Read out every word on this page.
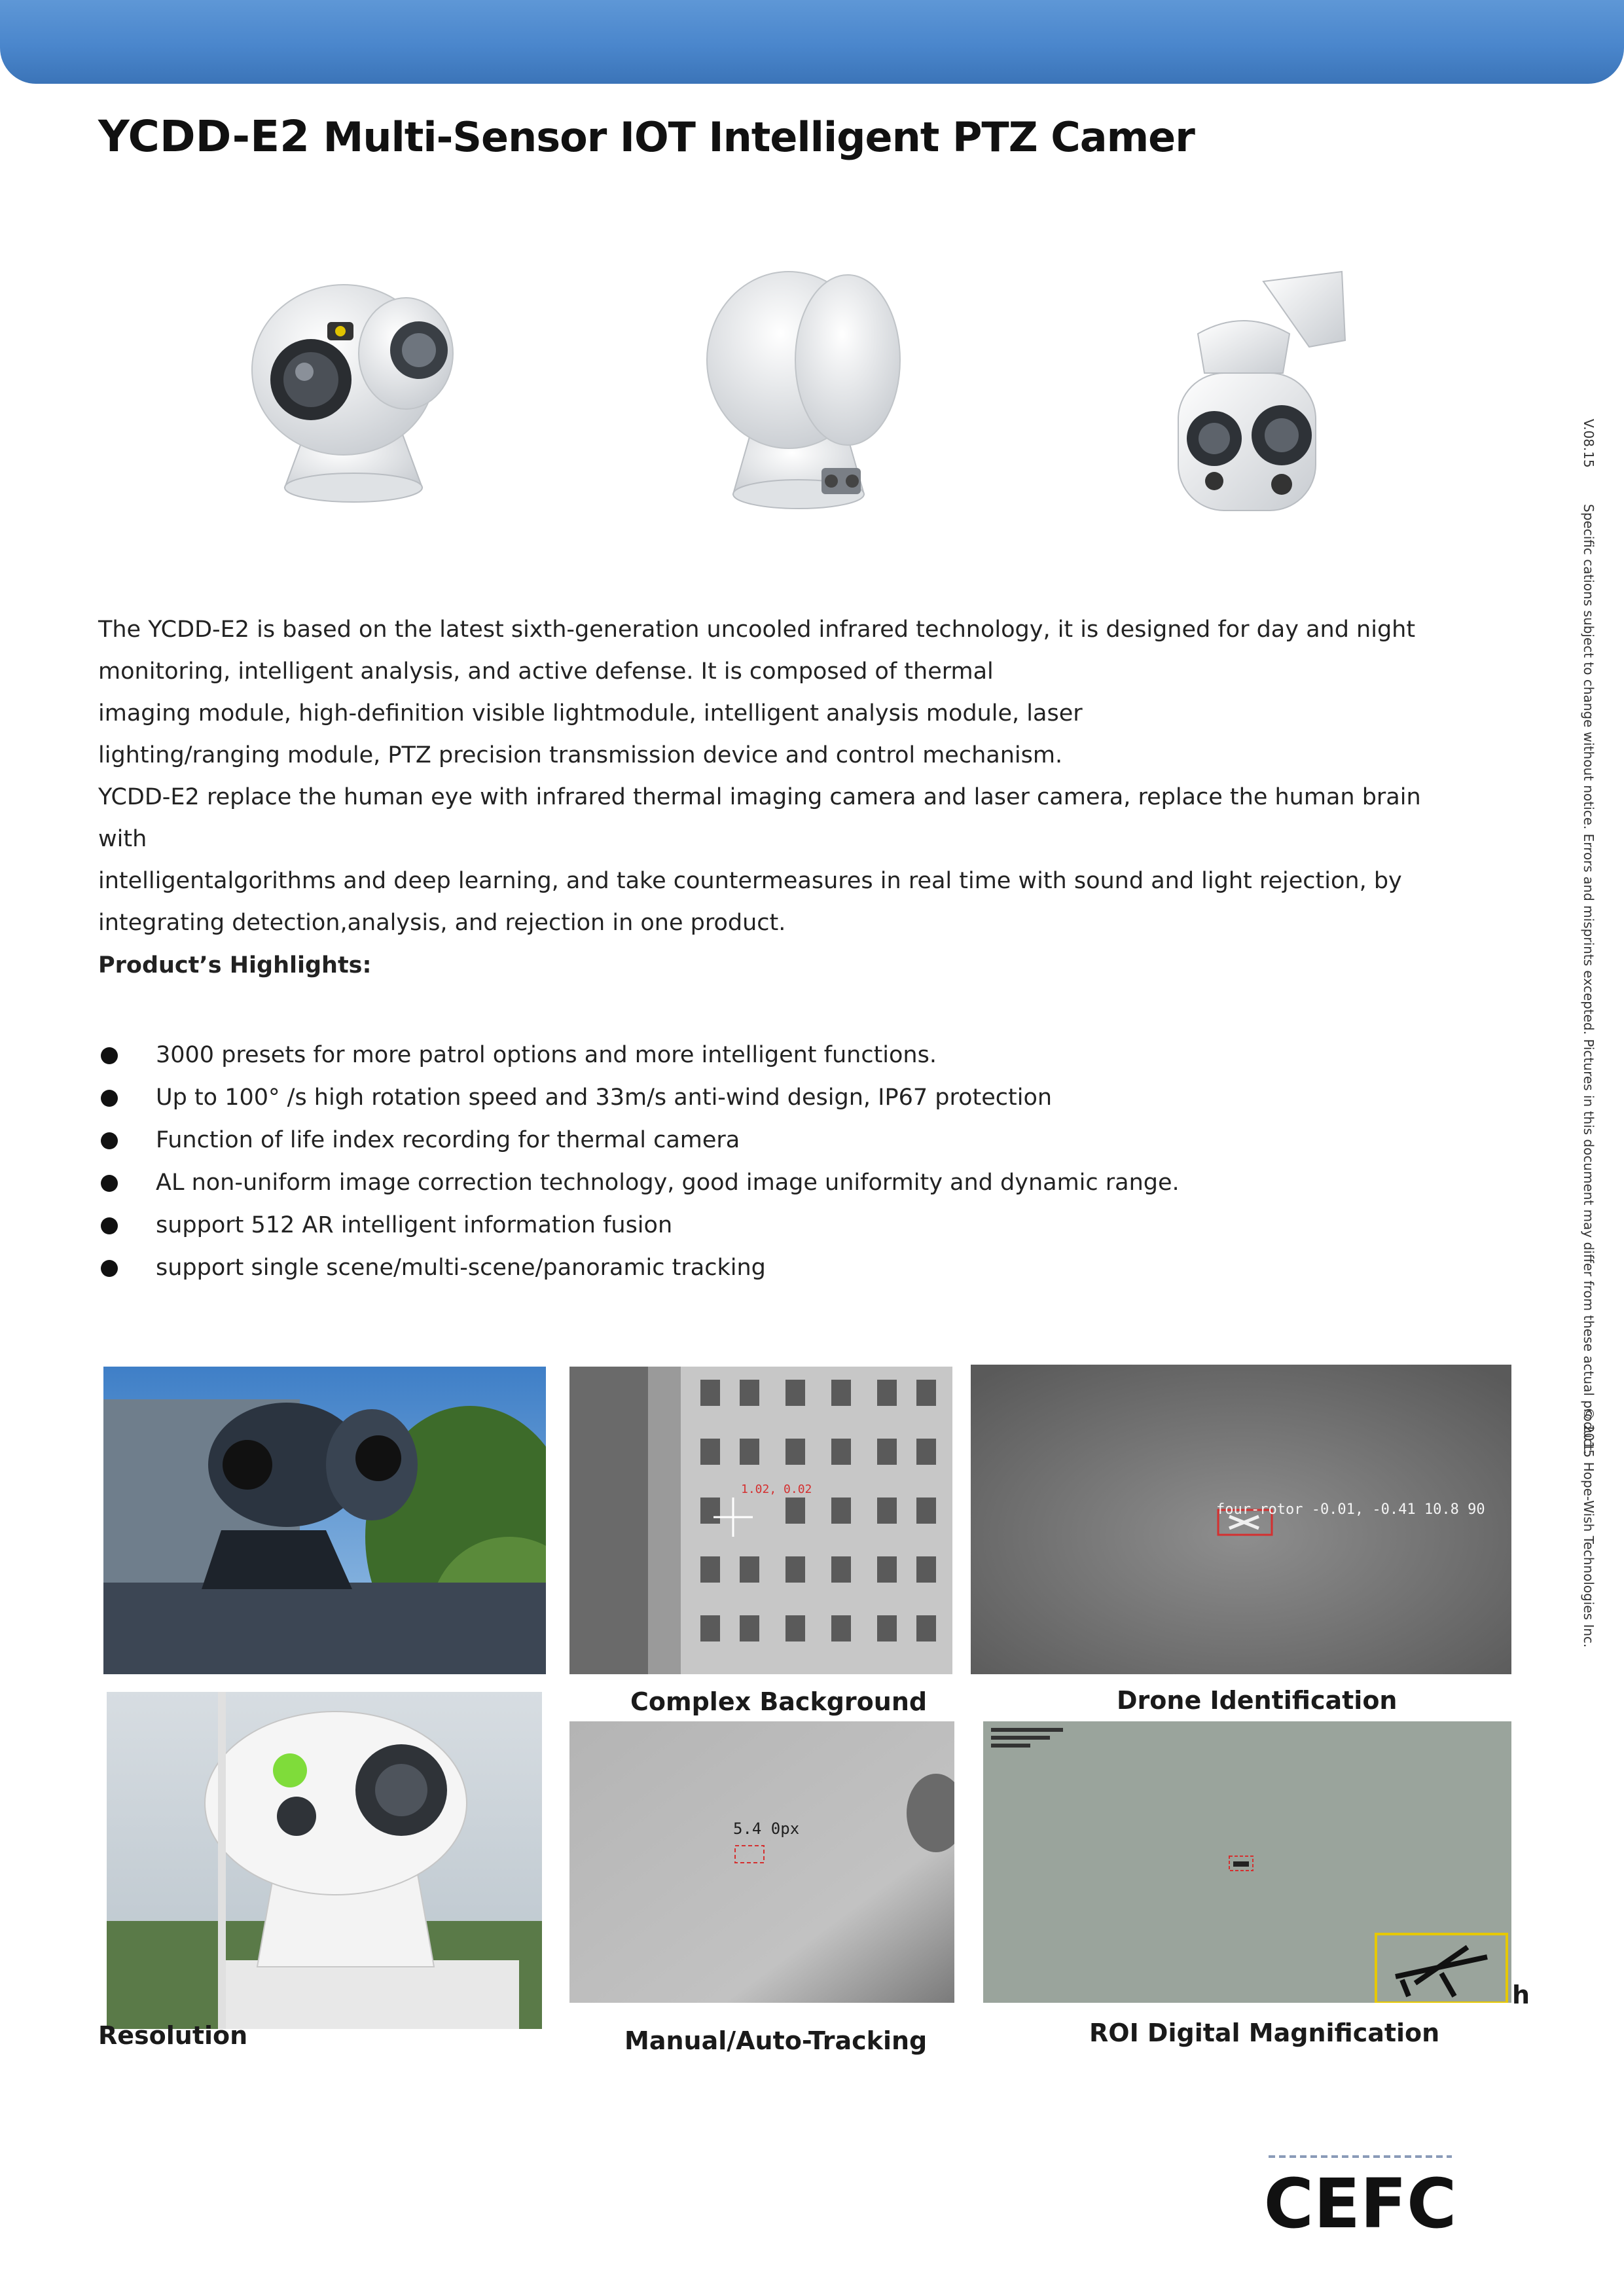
YCDD-E2 Multi-Sensor IOT Intelligent PTZ Camer

The YCDD-E2 is based on the latest sixth-generation uncooled infrared technology, it is designed for day and night

monitoring, intelligent analysis, and active defense. It is composed of thermal

imaging module, high-definition visible lightmodule, intelligent analysis module, laser

lighting/ranging module, PTZ precision transmission device and control mechanism.

YCDD-E2 replace the human eye with infrared thermal imaging camera and laser camera, replace the human brain with

intelligentalgorithms and deep learning, and take countermeasures in real time with sound and light rejection, by

integrating detection,analysis, and rejection in one product.

Product’s Highlights:
3000 presets for more patrol options and more intelligent functions.
Up to 100° /s high rotation speed and 33m/s anti-wind design, IP67 protection
Function of life index recording for thermal camera
AL non-uniform image correction technology, good image uniformity and dynamic range.
support 512 AR intelligent information fusion
support single scene/multi-scene/panoramic tracking
1.02, 0.02
four-rotor -0.01, -0.41 10.8 90
Complex Background	Drone Identification
5.4 0px
Resolution	Manual/Auto-Tracking	ROI Digital Magnification
h
V.08.15
Specific cations subject to change without notice. Errors and misprints excepted. Pictures in this document may differ from these actual product.
© 2015 Hope-Wish Technologies Inc.
CEFC
